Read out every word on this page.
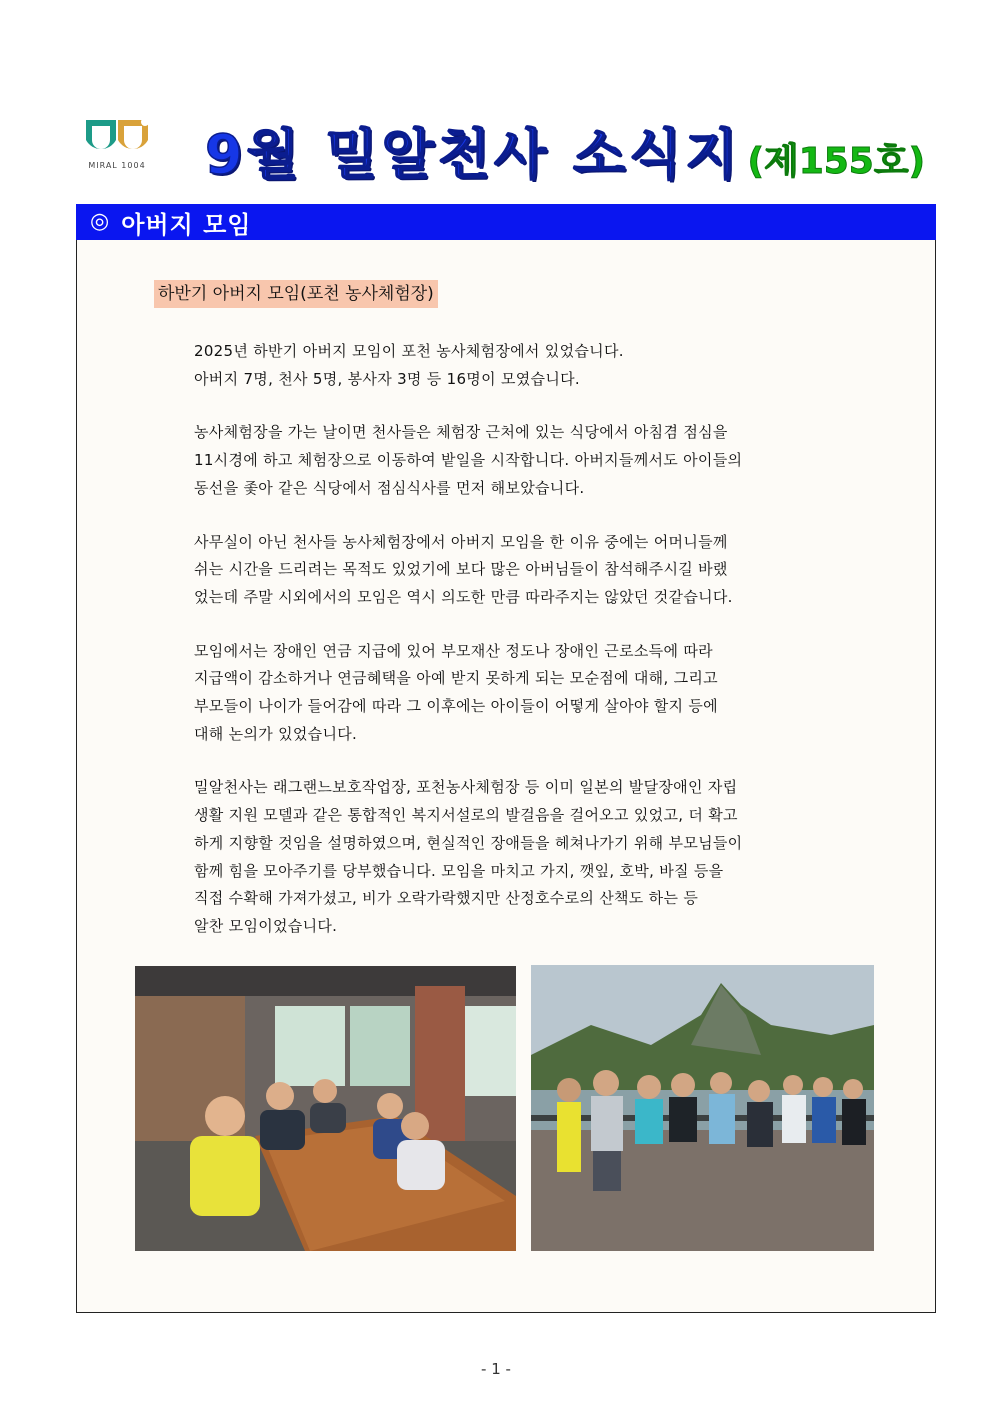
MIRAL 1004 9월 밀알천사 소식지 (제155호)
◎ 아버지 모임
하반기 아버지 모임(포천 농사체험장)

2025년 하반기 아버지 모임이 포천 농사체험장에서 있었습니다.
아버지 7명, 천사 5명, 봉사자 3명 등 16명이 모였습니다.

농사체험장을 가는 날이면 천사들은 체험장 근처에 있는 식당에서 아침겸 점심을
11시경에 하고 체험장으로 이동하여 밭일을 시작합니다. 아버지들께서도 아이들의
동선을 좇아 같은 식당에서 점심식사를 먼저 해보았습니다.

사무실이 아닌 천사들 농사체험장에서 아버지 모임을 한 이유 중에는 어머니들께
쉬는 시간을 드리려는 목적도 있었기에 보다 많은 아버님들이 참석해주시길 바랬
었는데 주말 시외에서의 모임은 역시 의도한 만큼 따라주지는 않았던 것같습니다.

모임에서는 장애인 연금 지급에 있어 부모재산 정도나 장애인 근로소득에 따라
지급액이 감소하거나 연금혜택을 아예 받지 못하게 되는 모순점에 대해, 그리고
부모들이 나이가 들어감에 따라 그 이후에는 아이들이 어떻게 살아야 할지 등에
대해 논의가 있었습니다.

밀알천사는 래그랜느보호작업장, 포천농사체험장 등 이미 일본의 발달장애인 자립
생활 지원 모델과 같은 통합적인 복지서설로의 발걸음을 걸어오고 있었고, 더 확고
하게 지향할 것임을 설명하였으며, 현실적인 장애들을 헤쳐나가기 위해 부모님들이
함께 힘을 모아주기를 당부했습니다. 모임을 마치고 가지, 깻잎, 호박, 바질 등을
직접 수확해 가져가셨고, 비가 오락가락했지만 산정호수로의 산책도 하는 등
알찬 모임이었습니다.

- 1 -
